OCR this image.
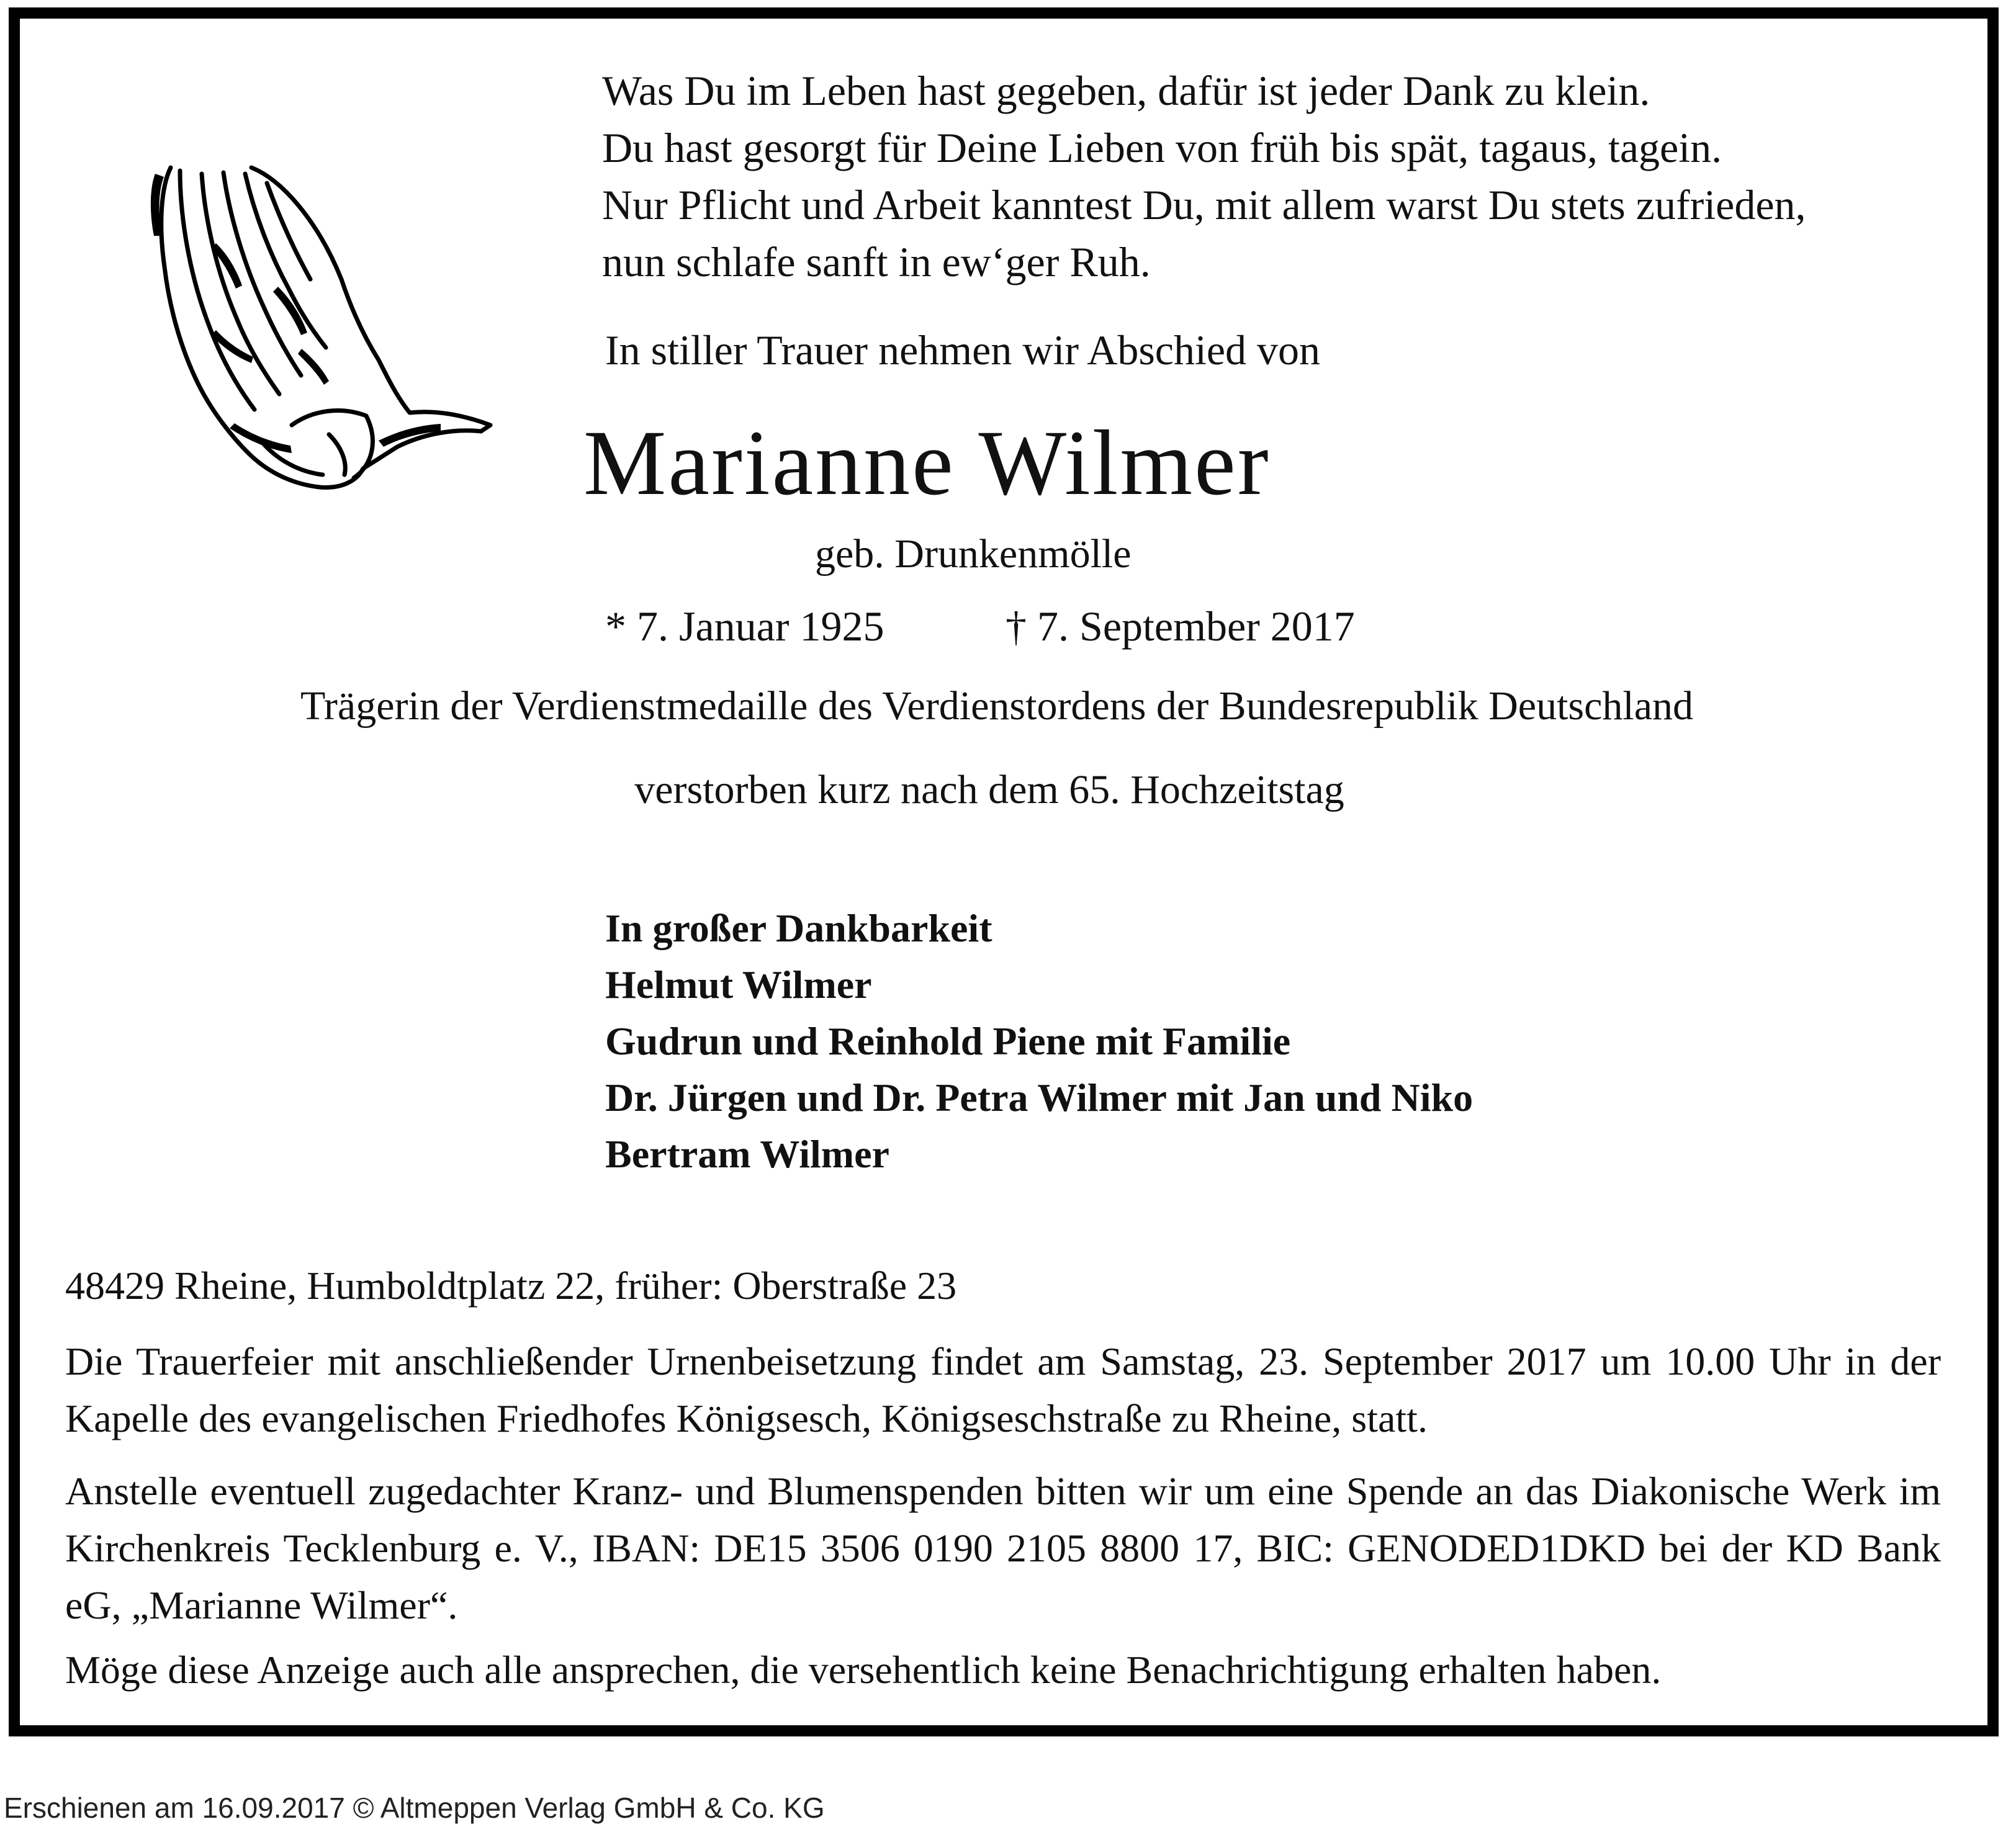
Was Du im Leben hast gegeben, dafür ist jeder Dank zu klein.
Du hast gesorgt für Deine Lieben von früh bis spät, tagaus, tagein.
Nur Pflicht und Arbeit kanntest Du, mit allem warst Du stets zufrieden,
nun schlafe sanft in ew‘ger Ruh.
In stiller Trauer nehmen wir Abschied von
Marianne Wilmer
geb. Drunkenmölle
* 7. Januar 1925	† 7. September 2017
Trägerin der Verdienstmedaille des Verdienstordens der Bundesrepublik Deutschland
verstorben kurz nach dem 65. Hochzeitstag
In großer Dankbarkeit
Helmut Wilmer
Gudrun und Reinhold Piene mit Familie
Dr. Jürgen und Dr. Petra Wilmer mit Jan und Niko
Bertram Wilmer
48429 Rheine, Humboldtplatz 22, früher: Oberstraße 23
Die Trauerfeier mit anschließender Urnenbeisetzung findet am Samstag, 23. September 2017 um 10.00 Uhr in der Kapelle des evangelischen Friedhofes Königsesch, Königseschstraße zu Rheine, statt.
Anstelle eventuell zugedachter Kranz- und Blumenspenden bitten wir um eine Spende an das Diakonische Werk im Kirchenkreis Tecklenburg e. V., IBAN: DE15 3506 0190 2105 8800 17, BIC: GENODED1DKD bei der KD Bank eG, „Marianne Wilmer“.
Möge diese Anzeige auch alle ansprechen, die versehentlich keine Benachrichtigung erhalten haben.
Erschienen am 16.09.2017 © Altmeppen Verlag GmbH & Co. KG
